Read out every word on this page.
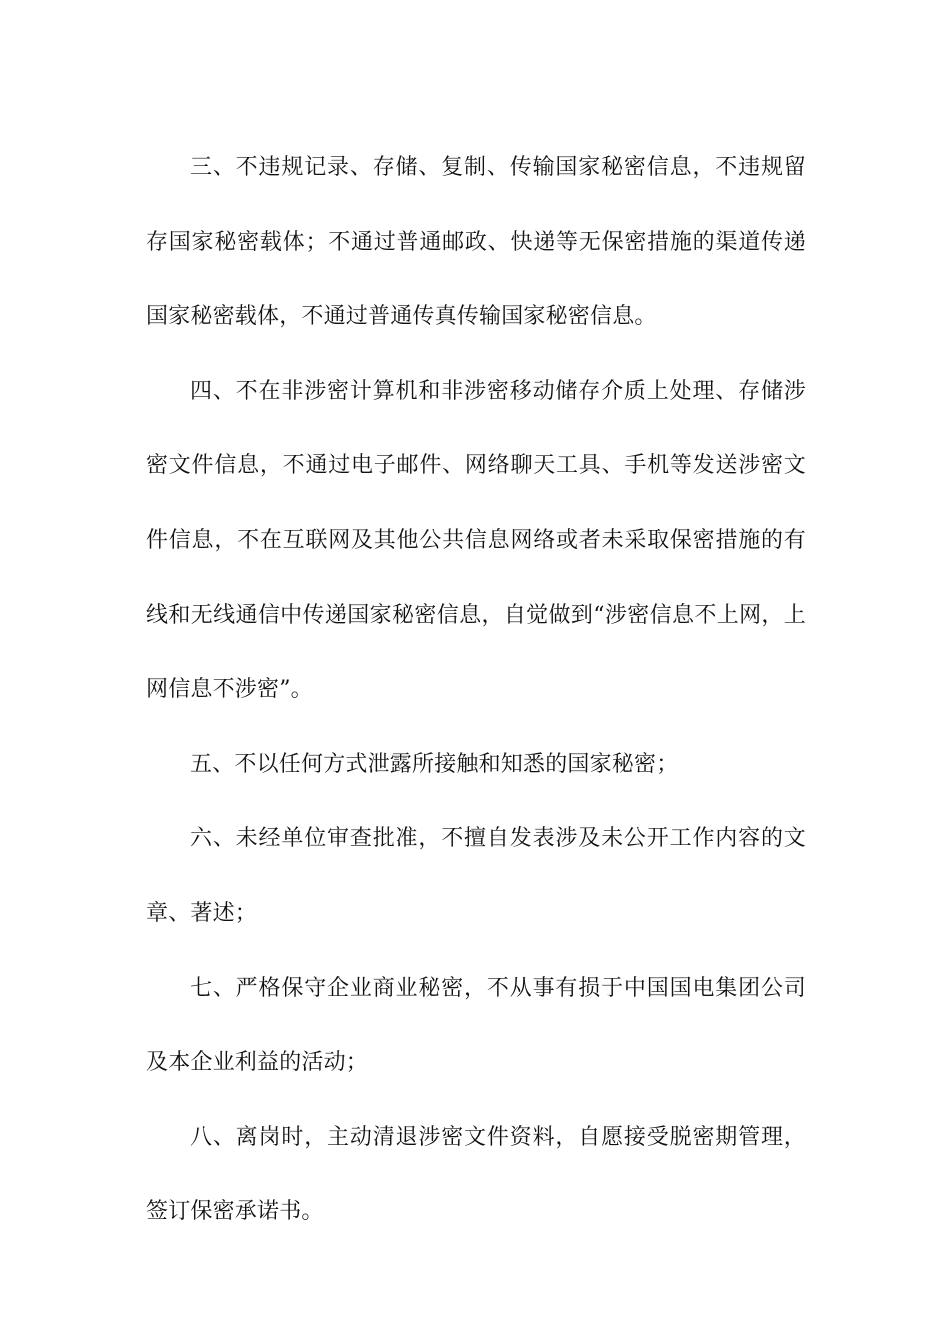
三、不违规记录、存储、复制、传输国家秘密信息，不违规留存国家秘密载体；不通过普通邮政、快递等无保密措施的渠道传递国家秘密载体，不通过普通传真传输国家秘密信息。

四、不在非涉密计算机和非涉密移动储存介质上处理、存储涉密文件信息，不通过电子邮件、网络聊天工具、手机等发送涉密文件信息，不在互联网及其他公共信息网络或者未采取保密措施的有线和无线通信中传递国家秘密信息，自觉做到“涉密信息不上网，上网信息不涉密”。

五、不以任何方式泄露所接触和知悉的国家秘密；

六、未经单位审查批准，不擅自发表涉及未公开工作内容的文章、著述；

七、严格保守企业商业秘密，不从事有损于中国国电集团公司及本企业利益的活动；

八、离岗时，主动清退涉密文件资料，自愿接受脱密期管理，签订保密承诺书。
